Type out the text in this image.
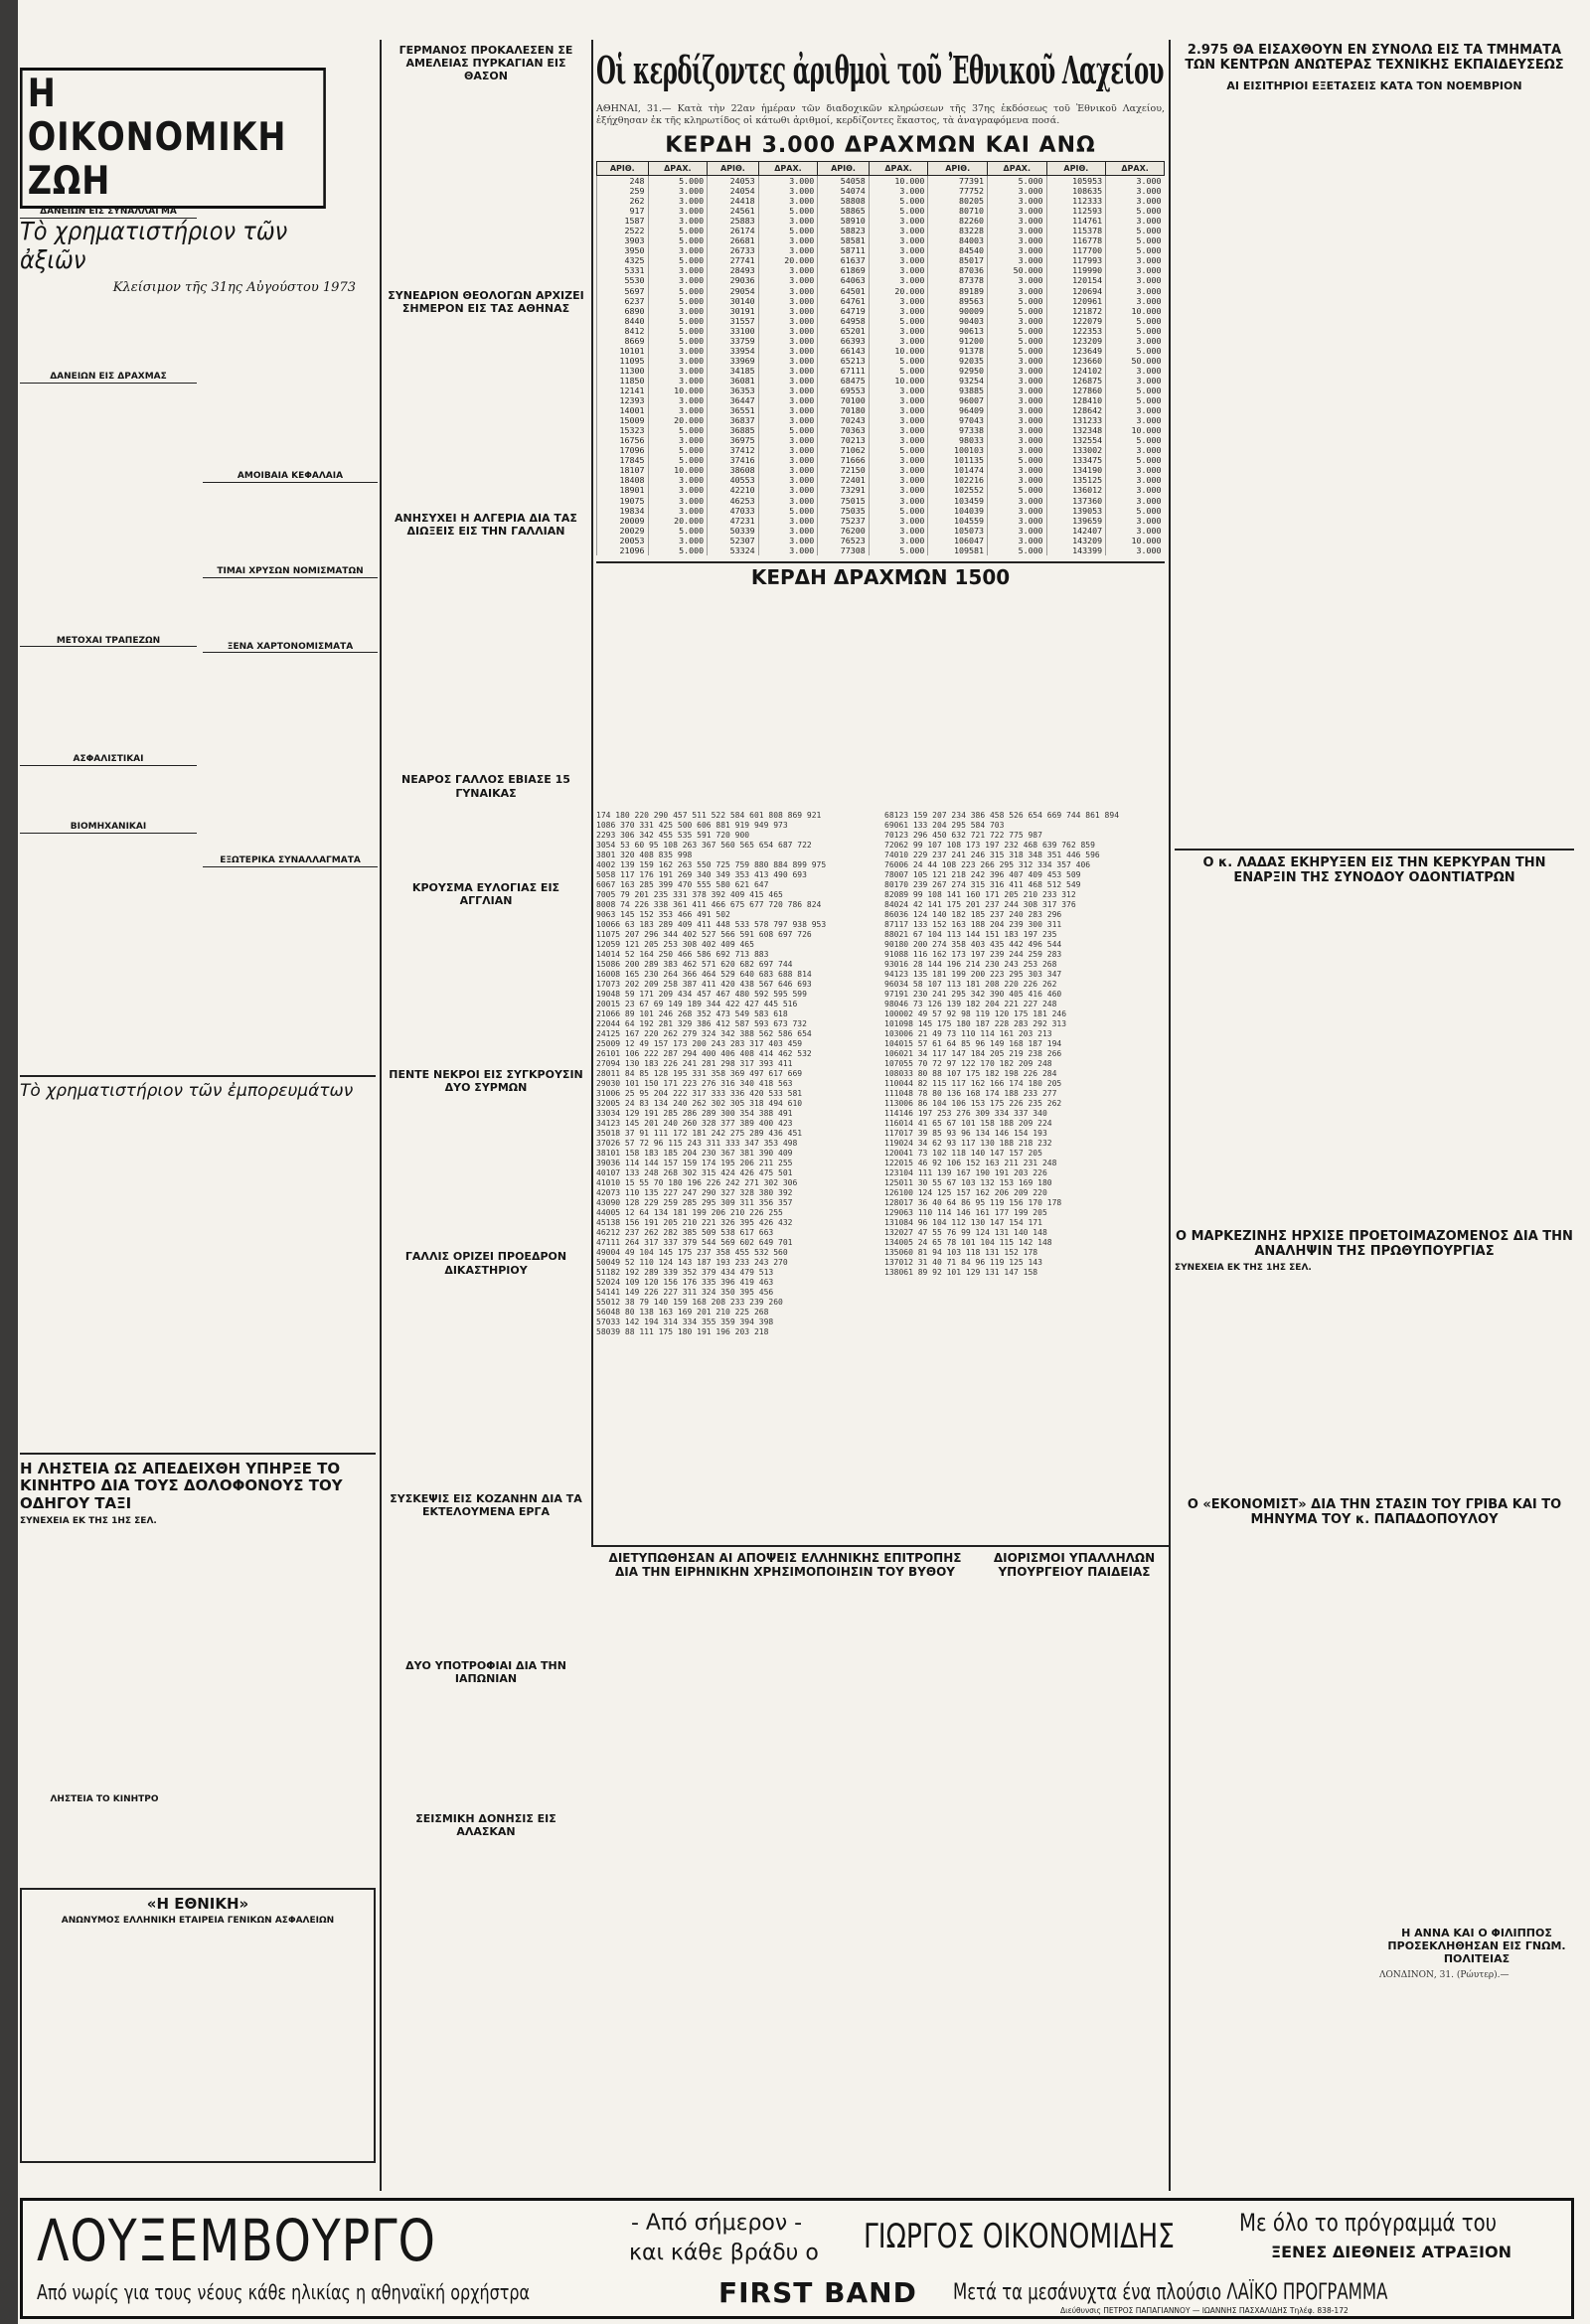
Η ΟΙΚΟΝΟΜΙΚΗ ΖΩΗ
Τὸ χρηματιστήριον τῶν ἀξιῶν
Κλείσιμον τῆς 31ης Αὐγούστου 1973
ΔΑΝΕΙΩΝ ΕΙΣ ΣΥΝΑΛΛΑΓΜΑ
ΔΑΝΕΙΩΝ ΕΙΣ ΔΡΑΧΜΑΣ
ΜΕΤΟΧΑΙ ΤΡΑΠΕΖΩΝ
ΑΣΦΑΛΙΣΤΙΚΑΙ
ΒΙΟΜΗΧΑΝΙΚΑΙ
ΑΜΟΙΒΑΙΑ ΚΕΦΑΛΑΙΑ
ΤΙΜΑΙ ΧΡΥΣΩΝ ΝΟΜΙΣΜΑΤΩΝ
ΞΕΝΑ ΧΑΡΤΟΝΟΜΙΣΜΑΤΑ
ΕΞΩΤΕΡΙΚΑ ΣΥΝΑΛΛΑΓΜΑΤΑ
Τὸ χρηματιστήριον τῶν ἐμπορευμάτων
Η ΛΗΣΤΕΙΑ ΩΣ ΑΠΕΔΕΙΧΘΗ ΥΠΗΡΞΕ ΤΟ ΚΙΝΗΤΡΟ ΔΙΑ ΤΟΥΣ ΔΟΛΟΦΟΝΟΥΣ ΤΟΥ ΟΔΗΓΟΥ ΤΑΞΙ
ΣΥΝΕΧΕΙΑ ΕΚ ΤΗΣ 1ΗΣ ΣΕΛ.
ΛΗΣΤΕΙΑ ΤΟ ΚΙΝΗΤΡΟ
«Η ΕΘΝΙΚΗ»
ΑΝΩΝΥΜΟΣ ΕΛΛΗΝΙΚΗ ΕΤΑΙΡΕΙΑ ΓΕΝΙΚΩΝ ΑΣΦΑΛΕΙΩΝ
ΓΕΡΜΑΝΟΣ ΠΡΟΚΑΛΕΣΕΝ ΣΕ ΑΜΕΛΕΙΑΣ ΠΥΡΚΑΓΙΑΝ ΕΙΣ ΘΑΣΟΝ
ΣΥΝΕΔΡΙΟΝ ΘΕΟΛΟΓΩΝ ΑΡΧΙΖΕΙ ΣΗΜΕΡΟΝ ΕΙΣ ΤΑΣ ΑΘΗΝΑΣ
ΑΝΗΣΥΧΕΙ Η ΑΛΓΕΡΙΑ ΔΙΑ ΤΑΣ ΔΙΩΞΕΙΣ ΕΙΣ ΤΗΝ ΓΑΛΛΙΑΝ
ΝΕΑΡΟΣ ΓΑΛΛΟΣ ΕΒΙΑΣΕ 15 ΓΥΝΑΙΚΑΣ
ΚΡΟΥΣΜΑ ΕΥΛΟΓΙΑΣ ΕΙΣ ΑΓΓΛΙΑΝ
ΠΕΝΤΕ ΝΕΚΡΟΙ ΕΙΣ ΣΥΓΚΡΟΥΣΙΝ ΔΥΟ ΣΥΡΜΩΝ
ΓΑΛΛΙΣ ΟΡΙΖΕΙ ΠΡΟΕΔΡΟΝ ΔΙΚΑΣΤΗΡΙΟΥ
ΣΥΣΚΕΨΙΣ ΕΙΣ ΚΟΖΑΝΗΝ ΔΙΑ ΤΑ ΕΚΤΕΛΟΥΜΕΝΑ ΕΡΓΑ
ΔΥΟ ΥΠΟΤΡΟΦΙΑΙ ΔΙΑ ΤΗΝ ΙΑΠΩΝΙΑΝ
ΣΕΙΣΜΙΚΗ ΔΟΝΗΣΙΣ ΕΙΣ ΑΛΑΣΚΑΝ
Οἱ κερδίζοντες ἀριθμοὶ τοῦ Ἐθνικοῦ Λαχείου
ΑΘΗΝΑΙ, 31.— Κατὰ τὴν 22αν ἡμέραν τῶν διαδοχικῶν κληρώσεων τῆς 37ης ἐκδόσεως τοῦ Ἐθνικοῦ Λαχείου, ἐξήχθησαν ἐκ τῆς κληρωτίδος οἱ κάτωθι ἀριθμοί, κερδίζοντες ἕκαστος, τὰ ἀναγραφόμενα ποσά.
ΚΕΡΔΗ 3.000 ΔΡΑΧΜΩΝ ΚΑΙ ΑΝΩ
ΑΡΙΘ.	ΔΡΑΧ.	ΑΡΙΘ.	ΔΡΑΧ.	ΑΡΙΘ.	ΔΡΑΧ.	ΑΡΙΘ.	ΔΡΑΧ.	ΑΡΙΘ.	ΔΡΑΧ.
248	5.000	24053	3.000	54058	10.000	77391	5.000	105953	3.000
259	3.000	24054	3.000	54074	3.000	77752	3.000	108635	3.000
262	3.000	24418	3.000	58808	5.000	80205	3.000	112333	3.000
917	3.000	24561	5.000	58865	5.000	80710	3.000	112593	5.000
1587	3.000	25883	3.000	58910	3.000	82260	3.000	114761	3.000
2522	5.000	26174	5.000	58823	3.000	83228	3.000	115378	5.000
3903	5.000	26681	3.000	58581	3.000	84003	3.000	116778	5.000
3950	3.000	26733	3.000	58711	3.000	84540	3.000	117700	5.000
4325	5.000	27741	20.000	61637	3.000	85017	3.000	117993	3.000
5331	3.000	28493	3.000	61869	3.000	87036	50.000	119990	3.000
5530	3.000	29036	3.000	64063	3.000	87378	3.000	120154	3.000
5697	5.000	29054	3.000	64501	20.000	89189	3.000	120694	3.000
6237	5.000	30140	3.000	64761	3.000	89563	5.000	120961	3.000
6890	3.000	30191	3.000	64719	3.000	90009	5.000	121872	10.000
8440	5.000	31557	3.000	64958	5.000	90403	3.000	122079	5.000
8412	5.000	33100	3.000	65201	3.000	90613	5.000	122353	5.000
8669	5.000	33759	3.000	66393	3.000	91200	5.000	123209	3.000
10101	3.000	33954	3.000	66143	10.000	91378	5.000	123649	5.000
11095	3.000	33969	3.000	65213	5.000	92035	3.000	123660	50.000
11300	3.000	34185	3.000	67111	5.000	92950	3.000	124102	3.000
11850	3.000	36081	3.000	68475	10.000	93254	3.000	126875	3.000
12141	10.000	36353	3.000	69553	3.000	93885	3.000	127860	5.000
12393	3.000	36447	3.000	70100	3.000	96007	3.000	128410	5.000
14001	3.000	36551	3.000	70180	3.000	96409	3.000	128642	3.000
15009	20.000	36837	3.000	70243	3.000	97043	3.000	131233	3.000
15323	5.000	36885	5.000	70363	3.000	97338	3.000	132348	10.000
16756	3.000	36975	3.000	70213	3.000	98033	3.000	132554	5.000
17096	5.000	37412	3.000	71062	5.000	100103	3.000	133002	3.000
17845	5.000	37416	3.000	71666	3.000	101135	5.000	133475	5.000
18107	10.000	38608	3.000	72150	3.000	101474	3.000	134190	3.000
18408	3.000	40553	3.000	72401	3.000	102216	3.000	135125	3.000
18901	3.000	42210	3.000	73291	3.000	102552	5.000	136012	3.000
19075	3.000	46253	3.000	75015	3.000	103459	3.000	137360	3.000
19834	3.000	47033	5.000	75035	5.000	104039	3.000	139053	5.000
20009	20.000	47231	3.000	75237	3.000	104559	3.000	139659	3.000
20029	5.000	50339	3.000	76200	3.000	105073	3.000	142407	3.000
20053	3.000	52307	3.000	76523	3.000	106047	3.000	143209	10.000
21096	5.000	53324	3.000	77308	5.000	109581	5.000	143399	3.000
ΚΕΡΔΗ ΔΡΑΧΜΩΝ 1500
174 180 220 290 457 511 522 584 601 808 869 921
1086 370 331 425 500 606 881 919 949 973
2293 306 342 455 535 591 720 900
3054 53 60 95 108 263 367 560 565 654 687 722
3801 320 408 835 998
4002 139 159 162 263 550 725 759 880 884 899 975
5058 117 176 191 269 340 349 353 413 490 693
6067 163 285 399 470 555 580 621 647
7005 79 201 235 331 378 392 409 415 465
8008 74 226 338 361 411 466 675 677 720 786 824
9063 145 152 353 466 491 502
10066 63 183 289 409 411 448 533 578 797 938 953
11075 207 296 344 402 527 566 591 608 697 726
12059 121 205 253 308 402 409 465
14014 52 164 250 466 586 692 713 883
15086 200 289 383 462 571 620 682 697 744
16008 165 230 264 366 464 529 640 683 688 814
17073 202 209 258 387 411 420 438 567 646 693
19048 59 171 209 434 457 467 480 592 595 599
20015 23 67 69 149 189 344 422 427 445 516
21066 89 101 246 268 352 473 549 583 618
22044 64 192 281 329 386 412 587 593 673 732
24125 167 220 262 279 324 342 388 562 586 654
25009 12 49 157 173 200 243 283 317 403 459
26101 106 222 287 294 400 406 408 414 462 532
27094 130 183 226 241 281 298 317 393 411
28011 84 85 128 195 331 358 369 497 617 669
29030 101 150 171 223 276 316 340 418 563
31006 25 95 204 222 317 333 336 420 533 581
32005 24 83 134 240 262 302 305 318 494 610
33034 129 191 285 286 289 300 354 388 491
34123 145 201 240 260 328 377 389 400 423
35018 37 91 111 172 181 242 275 289 436 451
37026 57 72 96 115 243 311 333 347 353 498
38101 158 183 185 204 230 367 381 390 409
39036 114 144 157 159 174 195 206 211 255
40107 133 248 268 302 315 424 426 475 501
41010 15 55 70 180 196 226 242 271 302 306
42073 110 135 227 247 290 327 328 380 392
43090 128 229 259 285 295 309 311 356 357
44005 12 64 134 181 199 206 210 226 255
45138 156 191 205 210 221 326 395 426 432
46212 237 262 282 385 509 538 617 663
47111 264 317 337 379 544 569 602 649 701
49004 49 104 145 175 237 358 455 532 560
50049 52 110 124 143 187 193 233 243 270
51182 192 289 339 352 379 434 479 513
52024 109 120 156 176 335 396 419 463
54141 149 226 227 311 324 350 395 456
55012 38 79 140 159 168 208 233 239 260
56048 80 138 163 169 201 210 225 268
57033 142 194 314 334 355 359 394 398
58039 88 111 175 180 191 196 203 218
68123 159 207 234 386 458 526 654 669 744 861 894
69061 133 204 295 584 703
70123 296 450 632 721 722 775 987
72062 99 107 108 173 197 232 468 639 762 859
74010 229 237 241 246 315 318 348 351 446 596
76006 24 44 108 223 266 295 312 334 357 406
78007 105 121 218 242 396 407 409 453 509
80170 239 267 274 315 316 411 468 512 549
82089 99 108 141 160 171 205 210 233 312
84024 42 141 175 201 237 244 308 317 376
86036 124 140 182 185 237 240 283 296
87117 133 152 163 188 204 239 300 311
88021 67 104 113 144 151 183 197 235
90180 200 274 358 403 435 442 496 544
91088 116 162 173 197 239 244 259 283
93016 28 144 196 214 230 243 253 268
94123 135 181 199 200 223 295 303 347
96034 58 107 113 181 208 220 226 262
97191 230 241 295 342 390 405 416 460
98046 73 126 139 182 204 221 227 248
100002 49 57 92 98 119 120 175 181 246
101098 145 175 180 187 228 283 292 313
103006 21 49 73 110 114 161 203 213
104015 57 61 64 85 96 149 168 187 194
106021 34 117 147 184 205 219 238 266
107055 70 72 97 122 170 182 209 248
108033 80 88 107 175 182 198 226 284
110044 82 115 117 162 166 174 180 205
111048 78 80 136 168 174 188 233 277
113006 86 104 106 153 175 226 235 262
114146 197 253 276 309 334 337 340
116014 41 65 67 101 158 188 209 224
117017 39 85 93 96 134 146 154 193
119024 34 62 93 117 130 188 218 232
120041 73 102 118 140 147 157 205
122015 46 92 106 152 163 211 231 248
123104 111 139 167 190 191 203 226
125011 30 55 67 103 132 153 169 180
126100 124 125 157 162 206 209 220
128017 36 40 64 86 95 119 156 170 178
129063 110 114 146 161 177 199 205
131084 96 104 112 130 147 154 171
132027 47 55 76 99 124 131 140 148
134005 24 65 78 101 104 115 142 148
135060 81 94 103 118 131 152 178
137012 31 40 71 84 96 119 125 143
138061 89 92 101 129 131 147 158
ΔΙΕΤΥΠΩΘΗΣΑΝ ΑΙ ΑΠΟΨΕΙΣ ΕΛΛΗΝΙΚΗΣ ΕΠΙΤΡΟΠΗΣ ΔΙΑ ΤΗΝ ΕΙΡΗΝΙΚΗΝ ΧΡΗΣΙΜΟΠΟΙΗΣΙΝ ΤΟΥ ΒΥΘΟΥ
ΔΙΟΡΙΣΜΟΙ ΥΠΑΛΛΗΛΩΝ ΥΠΟΥΡΓΕΙΟΥ ΠΑΙΔΕΙΑΣ
2.975 ΘΑ ΕΙΣΑΧΘΟΥΝ ΕΝ ΣΥΝΟΛΩ ΕΙΣ ΤΑ ΤΜΗΜΑΤΑ ΤΩΝ ΚΕΝΤΡΩΝ ΑΝΩΤΕΡΑΣ ΤΕΧΝΙΚΗΣ ΕΚΠΑΙΔΕΥΣΕΩΣ
ΑΙ ΕΙΣΙΤΗΡΙΟΙ ΕΞΕΤΑΣΕΙΣ ΚΑΤΑ ΤΟΝ ΝΟΕΜΒΡΙΟΝ
Ο κ. ΛΑΔΑΣ ΕΚΗΡΥΞΕΝ ΕΙΣ ΤΗΝ ΚΕΡΚΥΡΑΝ ΤΗΝ ΕΝΑΡΞΙΝ ΤΗΣ ΣΥΝΟΔΟΥ ΟΔΟΝΤΙΑΤΡΩΝ
Ο ΜΑΡΚΕΖΙΝΗΣ ΗΡΧΙΣΕ ΠΡΟΕΤΟΙΜΑΖΟΜΕΝΟΣ ΔΙΑ ΤΗΝ ΑΝΑΛΗΨΙΝ ΤΗΣ ΠΡΩΘΥΠΟΥΡΓΙΑΣ
ΣΥΝΕΧΕΙΑ ΕΚ ΤΗΣ 1ΗΣ ΣΕΛ.
Ο «ΕΚΟΝΟΜΙΣΤ» ΔΙΑ ΤΗΝ ΣΤΑΣΙΝ ΤΟΥ ΓΡΙΒΑ ΚΑΙ ΤΟ ΜΗΝΥΜΑ ΤΟΥ κ. ΠΑΠΑΔΟΠΟΥΛΟΥ
Η ΑΝΝΑ ΚΑΙ Ο ΦΙΛΙΠΠΟΣ ΠΡΟΣΕΚΛΗΘΗΣΑΝ ΕΙΣ ΓΝΩΜ. ΠΟΛΙΤΕΙΑΣ
ΛΟΝΔΙΝΟΝ, 31. (Ρώυτερ).—
ΛΟΥΞΕΜΒΟΥΡΓΟ	- Από σήμερον -
και κάθε βράδυ ο ΓΙΩΡΓΟΣ ΟΙΚΟΝΟΜΙΔΗΣ	Με όλο το πρόγραμμά του
ΞΕΝΕΣ ΔΙΕΘΝΕΙΣ ΑΤΡΑΞΙΟΝ
Από νωρίς για τους νέους κάθε ηλικίας η αθηναϊκή ορχήστρα	FIRST BAND Μετά τα μεσάνυχτα ένα πλούσιο ΛΑΪΚΟ ΠΡΟΓΡΑΜΜΑ
Διεύθυνσις ΠΕΤΡΟΣ ΠΑΠΑΓΙΑΝΝΟΥ — ΙΩΑΝΝΗΣ ΠΑΣΧΑΛΙΔΗΣ Τηλέφ. 838-172
